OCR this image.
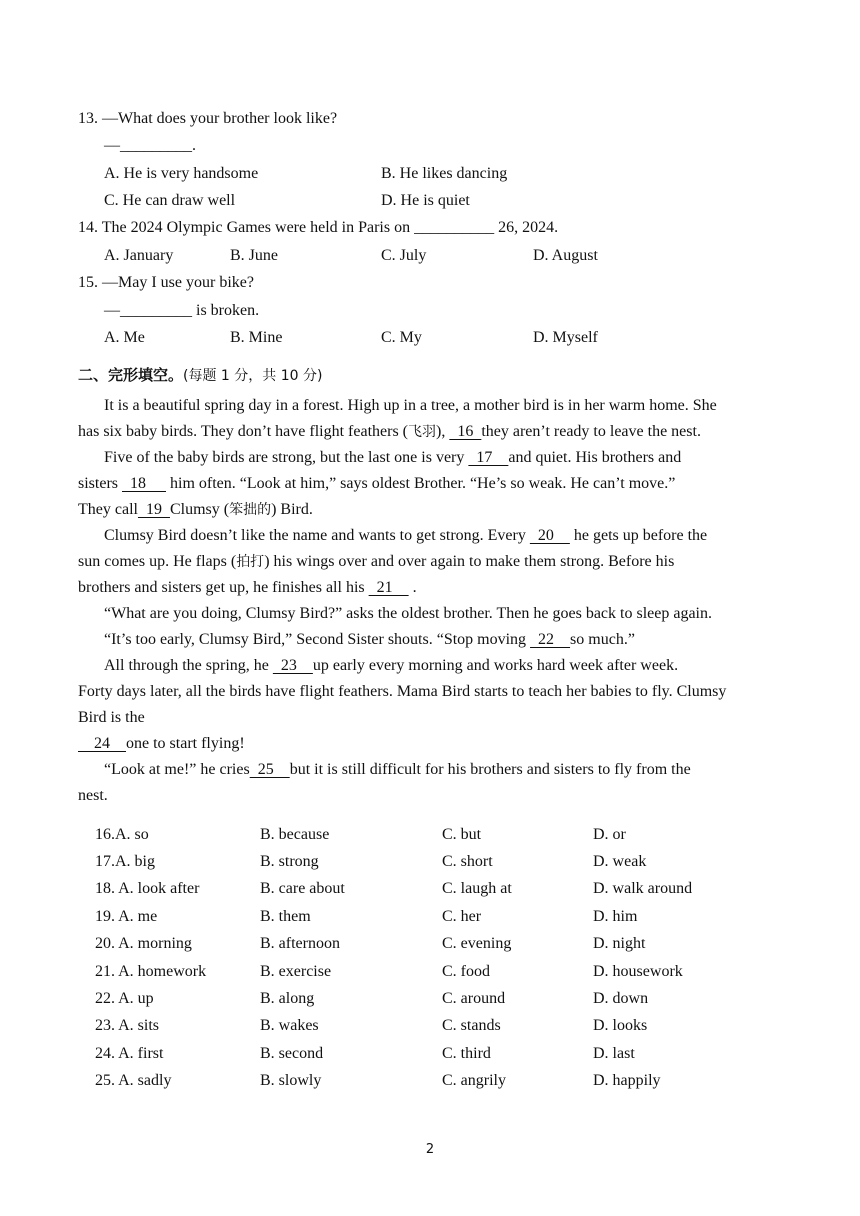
13. —What does your brother look like?
—_________.
A. He is very handsome	B. He likes dancing
C. He can draw well	D. He is quiet
14. The 2024 Olympic Games were held in Paris on __________ 26, 2024.
A. January	B. June	C. July	D. August
15. —May I use your bike?
—_________ is broken.
A. Me	B. Mine	C. My	D. Myself
二、完形填空。(每题 1 分，共 10 分)
It is a beautiful spring day in a forest. High up in a tree, a mother bird is in her warm home. She
has six baby birds. They don’t have flight feathers (飞羽),   16  they aren’t ready to leave the nest.
Five of the baby birds are strong, but the last one is very   17    and quiet. His brothers and
sisters   18      him often. “Look at him,” says oldest Brother. “He’s so weak. He can’t move.”
They call  19  Clumsy (笨拙的) Bird.
Clumsy Bird doesn’t like the name and wants to get strong. Every   20     he gets up before the
sun comes up. He flaps (拍打) his wings over and over again to make them strong. Before his
brothers and sisters get up, he finishes all his   21     .
“What are you doing, Clumsy Bird?” asks the oldest brother. Then he goes back to sleep again.
“It’s too early, Clumsy Bird,” Second Sister shouts. “Stop moving   22    so much.”
All through the spring, he   23    up early every morning and works hard week after week.
Forty days later, all the birds have flight feathers. Mama Bird starts to teach her babies to fly. Clumsy
Bird is the
24    one to start flying!
“Look at me!” he cries  25    but it is still difficult for his brothers and sisters to fly from the
nest.
16.A. so	B. because	C. but	D. or
17.A. big	B. strong	C. short	D. weak
18. A. look after	B. care about	C. laugh at	D. walk around
19. A. me	B. them	C. her	D. him
20. A. morning	B. afternoon	C. evening	D. night
21. A. homework	B. exercise	C. food	D. housework
22. A. up	B. along	C. around	D. down
23. A. sits	B. wakes	C. stands	D. looks
24. A. first	B. second	C. third	D. last
25. A. sadly	B. slowly	C. angrily	D. happily
2
